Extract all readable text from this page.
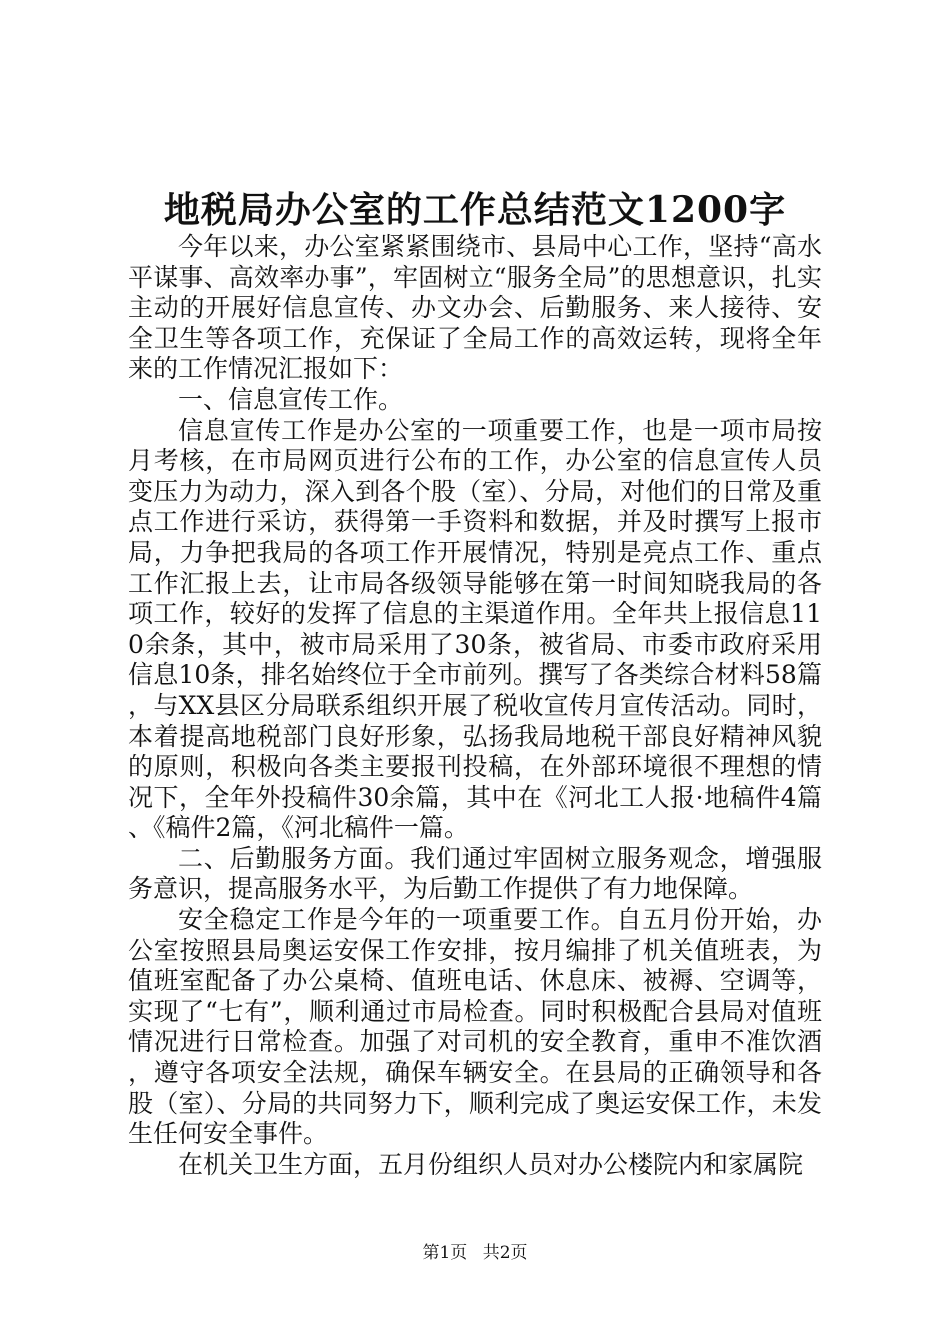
地税局办公室的工作总结范文1200字

今年以来，办公室紧紧围绕市、县局中心工作，坚持“高水平谋事、高效率办事”，牢固树立“服务全局”的思想意识，扎实主动的开展好信息宣传、办文办会、后勤服务、来人接待、安全卫生等各项工作，充保证了全局工作的高效运转，现将全年来的工作情况汇报如下：

一、信息宣传工作。

信息宣传工作是办公室的一项重要工作，也是一项市局按月考核，在市局网页进行公布的工作，办公室的信息宣传人员变压力为动力，深入到各个股（室）、分局，对他们的日常及重点工作进行采访，获得第一手资料和数据，并及时撰写上报市局，力争把我局的各项工作开展情况，特别是亮点工作、重点工作汇报上去，让市局各级领导能够在第一时间知晓我局的各项工作，较好的发挥了信息的主渠道作用。全年共上报信息110余条，其中，被市局采用了30条，被省局、市委市政府采用信息10条，排名始终位于全市前列。撰写了各类综合材料58篇，与XX县区分局联系组织开展了税收宣传月宣传活动。同时，本着提高地税部门良好形象，弘扬我局地税干部良好精神风貌的原则，积极向各类主要报刊投稿，在外部环境很不理想的情况下，全年外投稿件30余篇，其中在《河北工人报·地稿件4篇、《稿件2篇，《河北稿件一篇。

二、后勤服务方面。我们通过牢固树立服务观念，增强服务意识，提高服务水平，为后勤工作提供了有力地保障。

安全稳定工作是今年的一项重要工作。自五月份开始，办公室按照县局奥运安保工作安排，按月编排了机关值班表，为值班室配备了办公桌椅、值班电话、休息床、被褥、空调等，实现了“七有”，顺利通过市局检查。同时积极配合县局对值班情况进行日常检查。加强了对司机的安全教育，重申不准饮酒，遵守各项安全法规，确保车辆安全。在县局的正确领导和各股（室）、分局的共同努力下，顺利完成了奥运安保工作，未发生任何安全事件。

在机关卫生方面，五月份组织人员对办公楼院内和家属院

第1页 共2页
